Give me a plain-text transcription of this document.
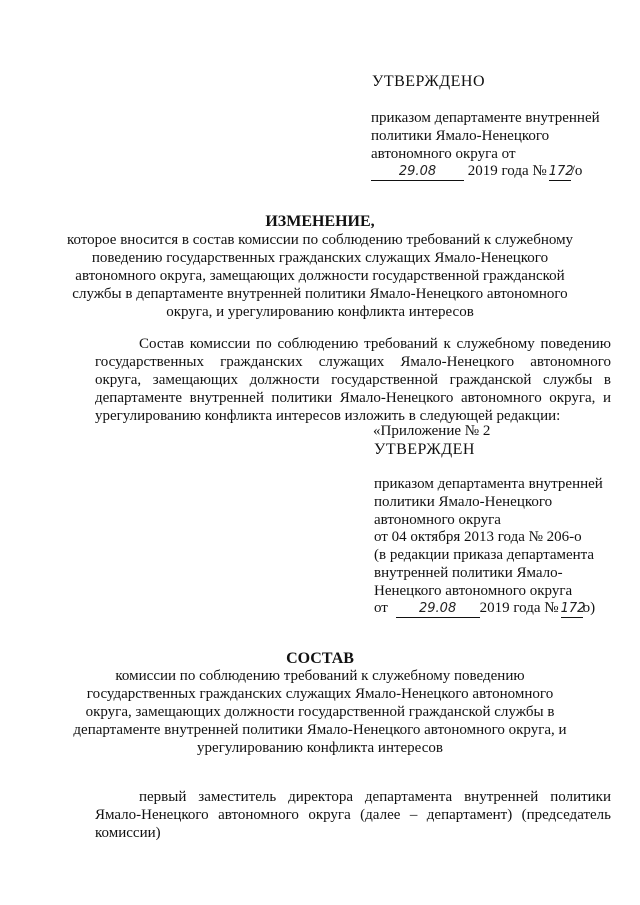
УТВЕРЖДЕНО
приказом департаменте внутренней
политики Ямало-Ненецкого
автономного округа от
29.08 2019 года № 172/о
ИЗМЕНЕНИЕ,
которое вносится в состав комиссии по соблюдению требований к служебному
поведению государственных гражданских служащих Ямало-Ненецкого
автономного округа, замещающих должности государственной гражданской
службы в департаменте внутренней политики Ямало-Ненецкого автономного
округа, и урегулированию конфликта интересов
Состав комиссии по соблюдению требований к служебному поведению
государственных гражданских служащих Ямало-Ненецкого автономного
округа, замещающих должности государственной гражданской службы в
департаменте внутренней политики Ямало-Ненецкого автономного округа, и
урегулированию конфликта интересов изложить в следующей редакции:
«Приложение № 2
УТВЕРЖДЕН
приказом департамента внутренней
политики Ямало-Ненецкого
автономного округа
от 04 октября 2013 года № 206-о
(в редакции приказа департамента
внутренней политики Ямало-
Ненецкого автономного округа
от 29.08 2019 года № 172о)
СОСТАВ
комиссии по соблюдению требований к служебному поведению
государственных гражданских служащих Ямало-Ненецкого автономного
округа, замещающих должности государственной гражданской службы в
департаменте внутренней политики Ямало-Ненецкого автономного округа, и
урегулированию конфликта интересов
первый заместитель директора департамента внутренней политики
Ямало-Ненецкого автономного округа (далее – департамент) (председатель
комиссии)
